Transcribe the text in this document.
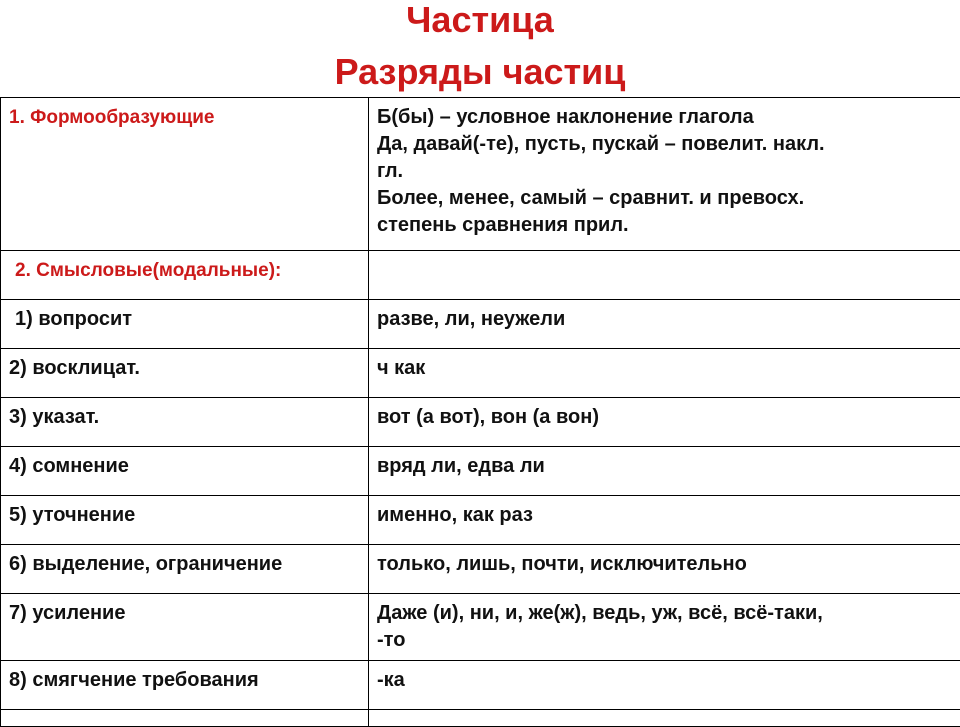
Частица
Разряды частиц
1. Формообразующие	Б(бы) – условное наклонение глагола
Да, давай(-те), пусть, пускай – повелит. накл.
гл.
Более, менее, самый – сравнит. и превосх.
степень сравнения прил.

2. Смысловые(модальные):	

1) вопросит	разве, ли, неужели

2) восклицат.	ч как

3) указат.	вот (а вот), вон (а вон)

4) сомнение	вряд ли, едва ли

5) уточнение	именно, как раз

6) выделение, ограничение	только, лишь, почти, исключительно

7) усиление	Даже (и), ни, и, же(ж), ведь, уж, всё, всё-таки,
-то

8) смягчение требования	-ка
